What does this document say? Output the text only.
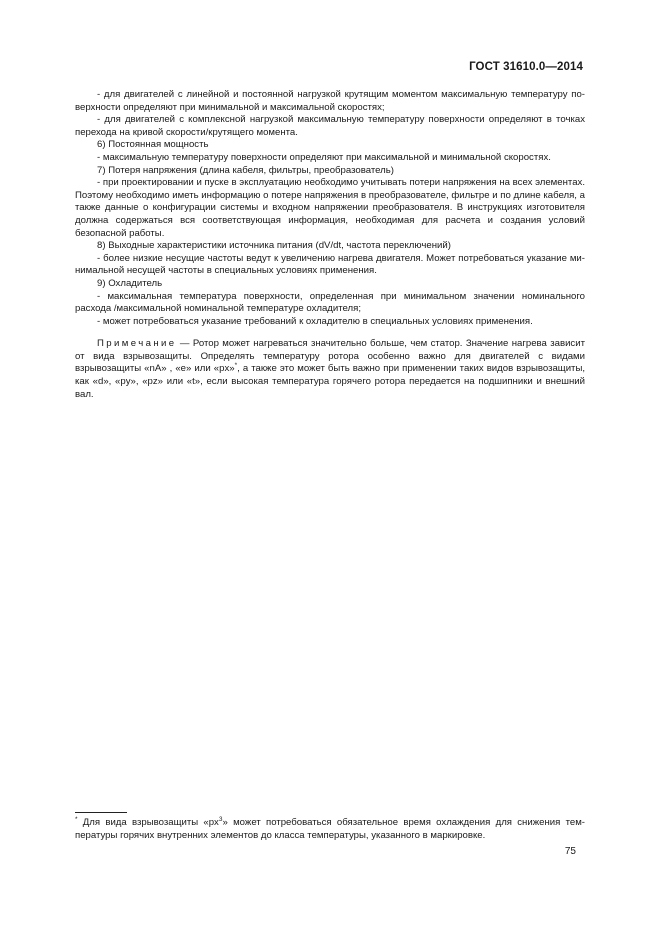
ГОСТ 31610.0—2014

- для двигателей с линейной и постоянной нагрузкой крутящим моментом максимальную температуру по-верхности определяют при минимальной и максимальной скоростях;

- для двигателей с комплексной нагрузкой максимальную температуру поверхности определяют в точках перехода на кривой скорости/крутящего момента.

6) Постоянная мощность

- максимальную температуру поверхности определяют при максимальной и минимальной скоростях.

7) Потеря напряжения (длина кабеля, фильтры, преобразователь)

- при проектировании и пуске в эксплуатацию необходимо учитывать потери напряжения на всех элементах. Поэтому необходимо иметь информацию о потере напряжения в преобразователе, фильтре и по длине кабеля, а также данные о конфигурации системы и входном напряжении преобразователя. В инструкциях изготовителя должна содержаться вся соответствующая информация, необходимая для расчета и создания условий безопасной работы.

8) Выходные характеристики источника питания (dV/dt, частота переключений)

- более низкие несущие частоты ведут к увеличению нагрева двигателя. Может потребоваться указание ми-нимальной несущей частоты в специальных условиях применения.

9) Охладитель

- максимальная температура поверхности, определенная при минимальном значении номинального расхода /максимальной номинальной температуре охладителя;

- может потребоваться указание требований к охладителю в специальных условиях применения.

Примечание — Ротор может нагреваться значительно больше, чем статор. Значение нагрева зависит от вида взрывозащиты. Определять температуру ротора особенно важно для двигателей с видами взрывозащиты «nA» , «e» или «px»*, а также это может быть важно при применении таких видов взрывозащиты, как «d», «py», «pz» или «t», если высокая температура горячего ротора передается на подшипники и внешний вал.

* Для вида взрывозащиты «$px^3$» может потребоваться обязательное время охлаждения для снижения тем-пературы горячих внутренних элементов до класса температуры, указанного в маркировке.
75
